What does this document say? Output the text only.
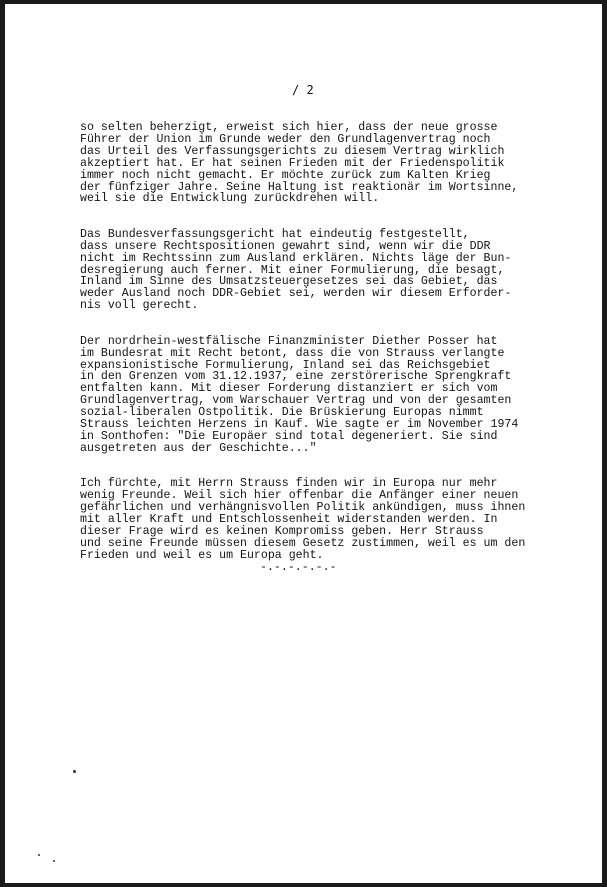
/ 2
so selten beherzigt, erweist sich hier, dass der neue grosse
Führer der Union im Grunde weder den Grundlagenvertrag noch
das Urteil des Verfassungsgerichts zu diesem Vertrag wirklich
akzeptiert hat. Er hat seinen Frieden mit der Friedenspolitik
immer noch nicht gemacht. Er möchte zurück zum Kalten Krieg
der fünfziger Jahre. Seine Haltung ist reaktionär im Wortsinne,
weil sie die Entwicklung zurückdrehen will.
Das Bundesverfassungsgericht hat eindeutig festgestellt,
dass unsere Rechtspositionen gewahrt sind, wenn wir die DDR
nicht im Rechtssinn zum Ausland erklären. Nichts läge der Bun-
desregierung auch ferner. Mit einer Formulierung, die besagt,
Inland im Sinne des Umsatzsteuergesetzes sei das Gebiet, das
weder Ausland noch DDR-Gebiet sei, werden wir diesem Erforder-
nis voll gerecht.
Der nordrhein-westfälische Finanzminister Diether Posser hat
im Bundesrat mit Recht betont, dass die von Strauss verlangte
expansionistische Formulierung, Inland sei das Reichsgebiet
in den Grenzen vom 31.12.1937, eine zerstörerische Sprengkraft
entfalten kann. Mit dieser Forderung distanziert er sich vom
Grundlagenvertrag, vom Warschauer Vertrag und von der gesamten
sozial-liberalen Ostpolitik. Die Brüskierung Europas nimmt
Strauss leichten Herzens in Kauf. Wie sagte er im November 1974
in Sonthofen: "Die Europäer sind total degeneriert. Sie sind
ausgetreten aus der Geschichte..."
Ich fürchte, mit Herrn Strauss finden wir in Europa nur mehr
wenig Freunde. Weil sich hier offenbar die Anfänger einer neuen
gefährlichen und verhängnisvollen Politik ankündigen, muss ihnen
mit aller Kraft und Entschlossenheit widerstanden werden. In
dieser Frage wird es keinen Kompromiss geben. Herr Strauss
und seine Freunde müssen diesem Gesetz zustimmen, weil es um den
Frieden und weil es um Europa geht.
-.-.-.-.-.-
